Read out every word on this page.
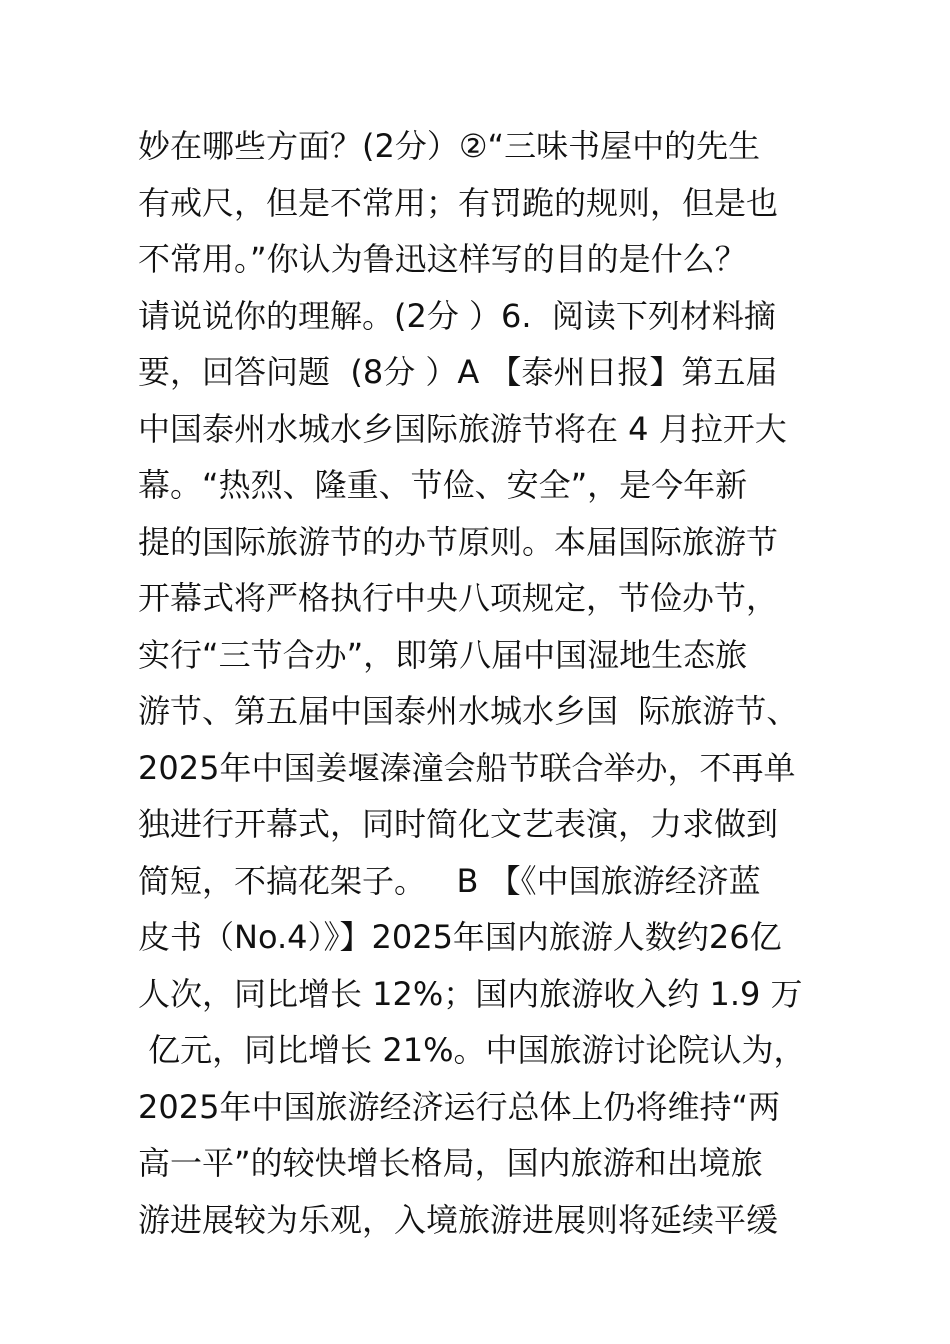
妙在哪些方面？(2分）②“三味书屋中的先生
有戒尺，但是不常用；有罚跪的规则，但是也
不常用。”你认为鲁迅这样写的目的是什么？
请说说你的理解。(2分 ）6.  阅读下列材料摘
要，回答问题  (8分 ）A 【泰州日报】第五届
中国泰州水城水乡国际旅游节将在 4 月拉开大
幕。“热烈、隆重、节俭、安全”，是今年新
提的国际旅游节的办节原则。本届国际旅游节
开幕式将严格执行中央八项规定，节俭办节，
实行“三节合办”，即第八届中国湿地生态旅
游节、第五届中国泰州水城水乡国  际旅游节、
2025年中国姜堰溱潼会船节联合举办，不再单
独进行开幕式，同时简化文艺表演，力求做到
简短，不搞花架子。   B 【《中国旅游经济蓝
皮书（No.4）》】2025年国内旅游人数约26亿
人次，同比增长 12%；国内旅游收入约 1.9 万
亿元，同比增长 21%。中国旅游讨论院认为，
2025年中国旅游经济运行总体上仍将维持“两
高一平”的较快增长格局，国内旅游和出境旅
游进展较为乐观，入境旅游进展则将延续平缓
